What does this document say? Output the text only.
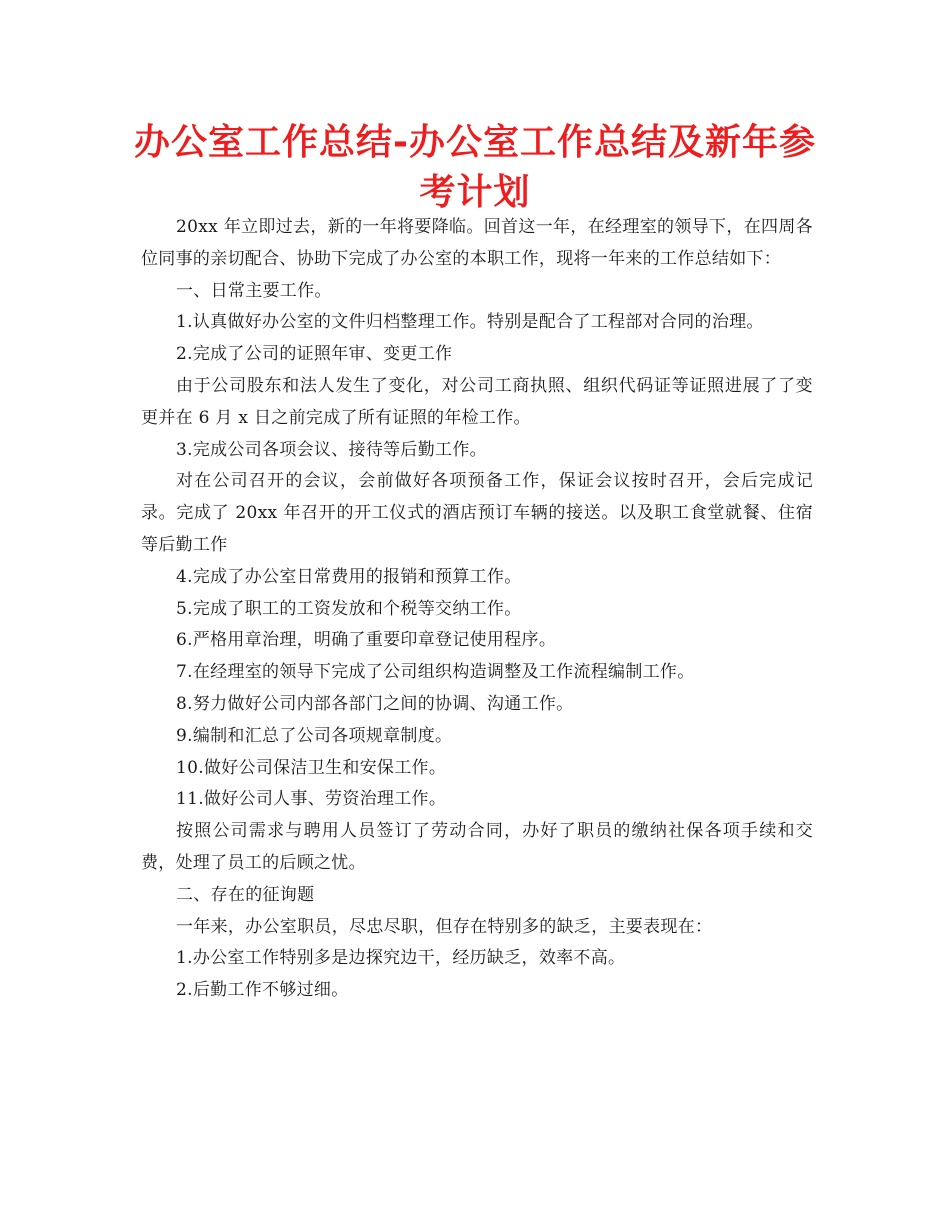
办公室工作总结-办公室工作总结及新年参考计划

20xx 年立即过去，新的一年将要降临。回首这一年，在经理室的领导下，在四周各位同事的亲切配合、协助下完成了办公室的本职工作，现将一年来的工作总结如下：

一、日常主要工作。

1.认真做好办公室的文件归档整理工作。特别是配合了工程部对合同的治理。

2.完成了公司的证照年审、变更工作

由于公司股东和法人发生了变化，对公司工商执照、组织代码证等证照进展了了变更并在 6 月 x 日之前完成了所有证照的年检工作。

3.完成公司各项会议、接待等后勤工作。

对在公司召开的会议，会前做好各项预备工作，保证会议按时召开，会后完成记录。完成了 20xx 年召开的开工仪式的酒店预订车辆的接送。以及职工食堂就餐、住宿等后勤工作

4.完成了办公室日常费用的报销和预算工作。

5.完成了职工的工资发放和个税等交纳工作。

6.严格用章治理，明确了重要印章登记使用程序。

7.在经理室的领导下完成了公司组织构造调整及工作流程编制工作。

8.努力做好公司内部各部门之间的协调、沟通工作。

9.编制和汇总了公司各项规章制度。

10.做好公司保洁卫生和安保工作。

11.做好公司人事、劳资治理工作。

按照公司需求与聘用人员签订了劳动合同，办好了职员的缴纳社保各项手续和交费，处理了员工的后顾之忧。

二、存在的征询题

一年来，办公室职员，尽忠尽职，但存在特别多的缺乏，主要表现在：

1.办公室工作特别多是边探究边干，经历缺乏，效率不高。

2.后勤工作不够过细。
